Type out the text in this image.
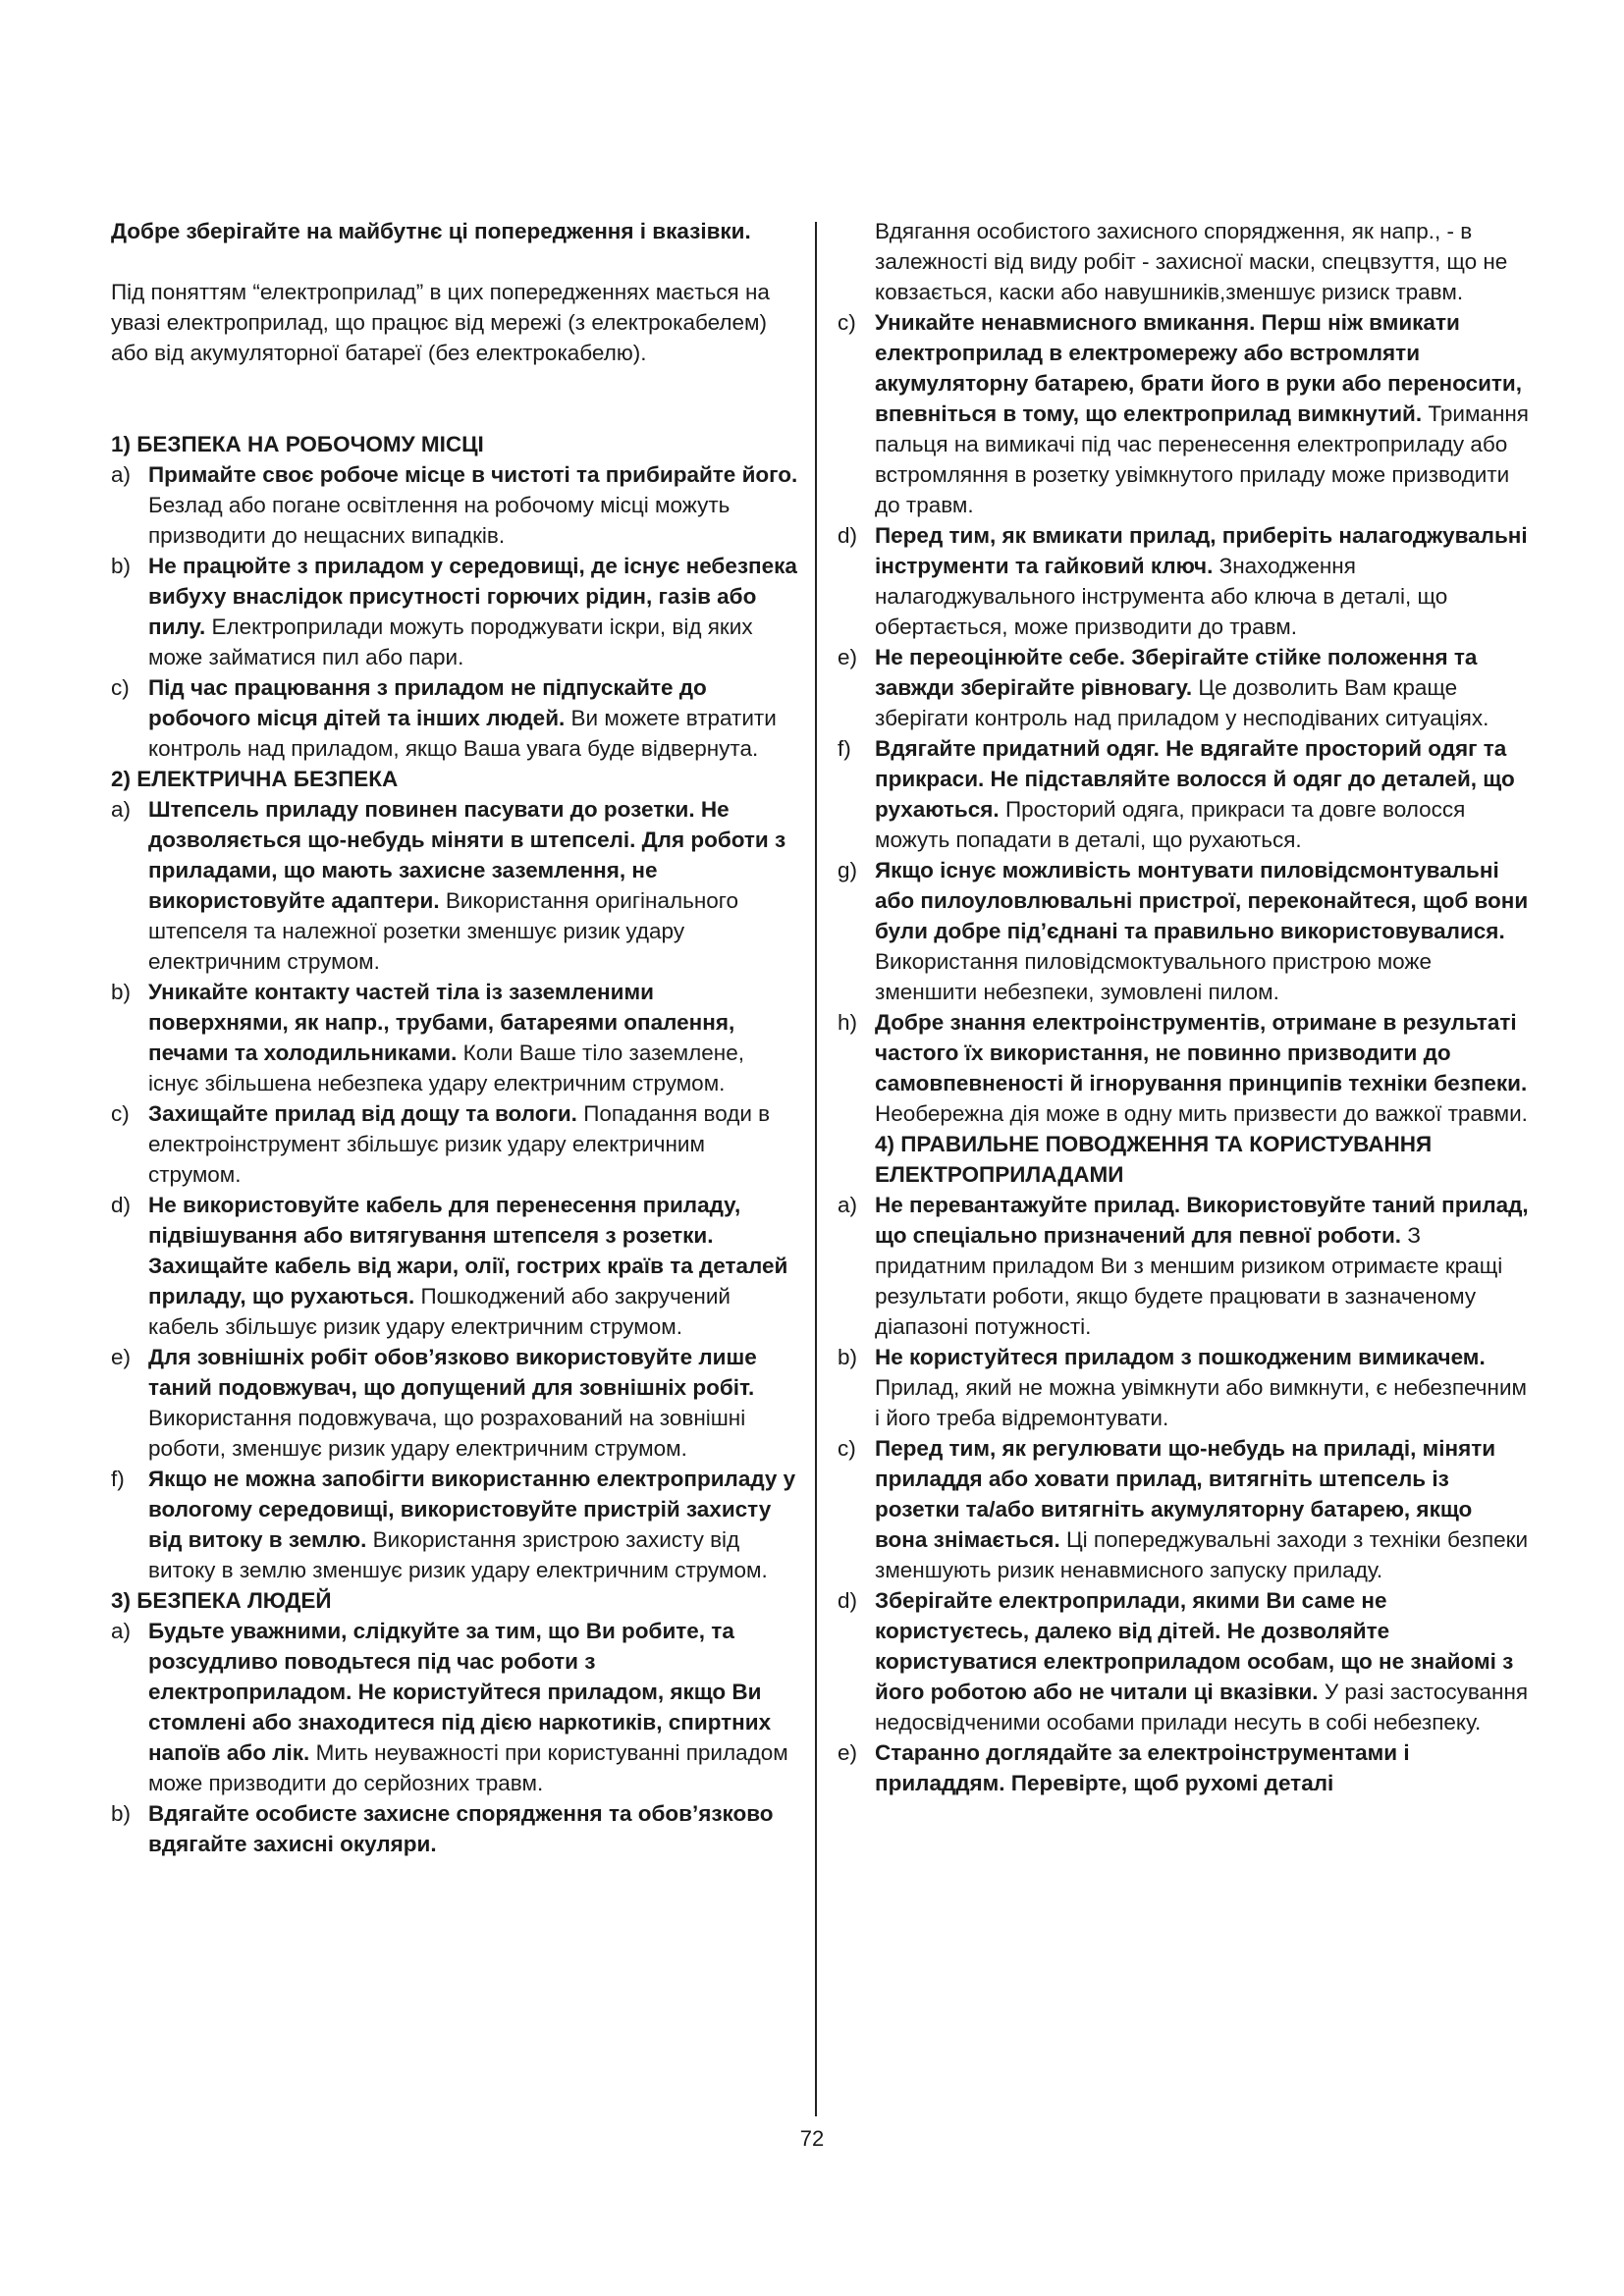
Добре зберігайте на майбутнє ці попередження і вказівки.

Під поняттям “електроприлад” в цих попередженнях мається на увазі електроприлад, що працює від мережі (з електрокабелем) або від акумуляторної батареї (без електрокабелю).

1) БЕЗПЕКА НА РОБОЧОМУ МІСЦІ

a) Примайте своє робоче місце в чистоті та прибирайте його. Безлад або погане освітлення на робочому місці можуть призводити до нещасних випадків.

b) Не працюйте з приладом у середовищі, де існує небезпека вибуху внаслідок присутності горючих рідин, газів або пилу. Електроприлади можуть породжувати іскри, від яких може займатися пил або пари.

c) Під час працювання з приладом не підпускайте до робочого місця дітей та інших людей. Ви можете втратити контроль над приладом, якщо Ваша увага буде відвернута.

2) ЕЛЕКТРИЧНА БЕЗПЕКА

a) Штепсель приладу повинен пасувати до розетки. Не дозволяється що-небудь міняти в штепселі. Для роботи з приладами, що мають захисне заземлення, не використовуйте адаптери. Використання оригінального штепселя та належної розетки зменшує ризик удару електричним струмом.

b) Уникайте контакту частей тіла із заземленими поверхнями, як напр., трубами, батареями опалення, печами та холодильниками. Коли Ваше тіло заземлене, існує збільшена небезпека удару електричним струмом.

c) Захищайте прилад від дощу та вологи. Попадання води в електроінструмент збільшує ризик удару електричним струмом.

d) Не використовуйте кабель для перенесення приладу, підвішування або витягування штепселя з розетки. Захищайте кабель від жари, олії, гострих країв та деталей приладу, що рухаються. Пошкоджений або закручений кабель збільшує ризик удару електричним струмом.

e) Для зовнішніх робіт обов’язково використовуйте лише таний подовжувач, що допущений для зовнішніх робіт. Використання подовжувача, що розрахований на зовнішні роботи, зменшує ризик удару електричним струмом.

f) Якщо не можна запобігти використанню електроприладу у вологому середовищі, використовуйте пристрій захисту від витоку в землю. Використання зристрою захисту від витоку в землю зменшує ризик удару електричним струмом.

3) БЕЗПЕКА ЛЮДЕЙ

a) Будьте уважними, слідкуйте за тим, що Ви робите, та розсудливо поводьтеся під час роботи з електроприладом. Не користуйтеся приладом, якщо Ви стомлені або знаходитеся під дією наркотиків, спиртних напоїв або лік. Мить неуважності при користуванні приладом може призводити до серйозних травм.

b) Вдягайте особисте захисне спорядження та обов’язково вдягайте захисні окуляри.

Вдягання особистого захисного спорядження, як напр., - в залежності від виду робіт - захисної маски, спецвзуття, що не ковзається, каски або навушників,зменшує ризиск травм.

c) Уникайте ненавмисного вмикання. Перш ніж вмикати електроприлад в електромережу або встромляти акумуляторну батарею, брати його в руки або переносити, впевніться в тому, що електроприлад вимкнутий. Тримання пальця на вимикачі під час перенесення електроприладу або встромляння в розетку увімкнутого приладу може призводити до травм.

d) Перед тим, як вмикати прилад, приберіть налагоджувальні інструменти та гайковий ключ. Знаходження налагоджувального інструмента або ключа в деталі, що обертається, може призводити до травм.

e) Не переоцінюйте себе. Зберігайте стійке положення та завжди зберігайте рівновагу. Це дозволить Вам краще зберігати контроль над приладом у несподіваних ситуаціях.

f) Вдягайте придатний одяг. Не вдягайте просторий одяг та прикраси. Не підставляйте волосся й одяг до деталей, що рухаються. Просторий одяга, прикраси та довге волосся можуть попадати в деталі, що рухаються.

g) Якщо існує можливість монтувати пиловідсмонтувальні або пилоуловлювальні пристрої, переконайтеся, щоб вони були добре під’єднані та правильно використовувалися. Використання пиловідсмоктувального пристрою може зменшити небезпеки, зумовлені пилом.

h) Добре знання електроінструментів, отримане в результаті частого їх використання, не повинно призводити до самовпевненості й ігнорування принципів техніки безпеки. Необережна дія може в одну мить призвести до важкої травми.

4) ПРАВИЛЬНЕ ПОВОДЖЕННЯ ТА КОРИСТУВАННЯ ЕЛЕКТРОПРИЛАДАМИ

a) Не перевантажуйте прилад. Використовуйте таний прилад, що спеціально призначений для певної роботи. З придатним приладом Ви з меншим ризиком отримаєте кращі результати роботи, якщо будете працювати в зазначеному діапазоні потужності.

b) Не користуйтеся приладом з пошкодженим вимикачем. Прилад, який не можна увімкнути або вимкнути, є небезпечним і його треба відремонтувати.

c) Перед тим, як регулювати що-небудь на приладі, міняти приладдя або ховати прилад, витягніть штепсель із розетки та/або витягніть акумуляторну батарею, якщо вона знімається. Ці попереджувальні заходи з техніки безпеки зменшують ризик ненавмисного запуску приладу.

d) Зберігайте електроприлади, якими Ви саме не користуєтесь, далеко від дітей. Не дозволяйте користуватися електроприладом особам, що не знайомі з його роботою або не читали ці вказівки. У разі застосування недосвідченими особами прилади несуть в собі небезпеку.

e) Старанно доглядайте за електроінструментами і приладдям. Перевірте, щоб рухомі деталі

72
